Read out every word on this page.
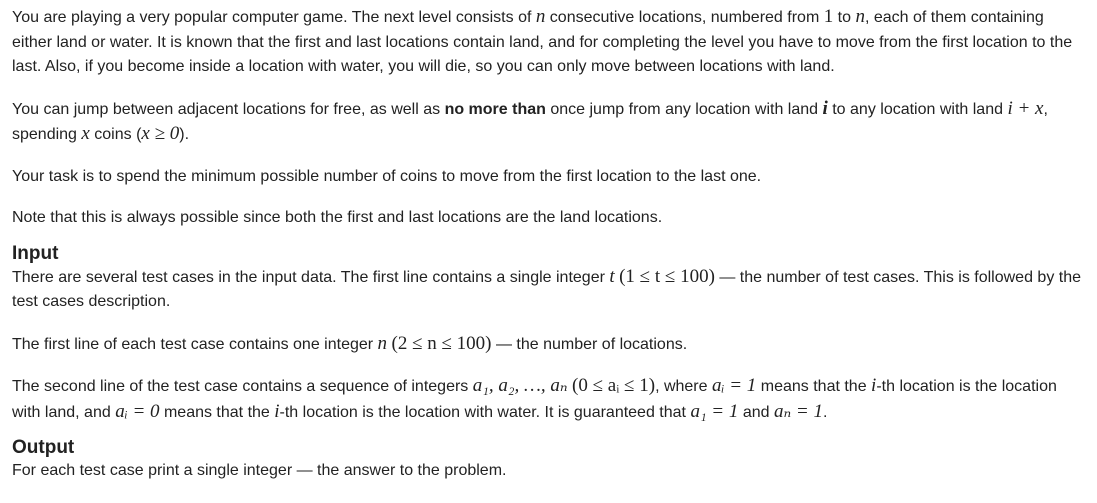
You are playing a very popular computer game. The next level consists of n consecutive locations, numbered from 1 to n, each of them containing either land or water. It is known that the first and last locations contain land, and for completing the level you have to move from the first location to the last. Also, if you become inside a location with water, you will die, so you can only move between locations with land.

You can jump between adjacent locations for free, as well as no more than once jump from any location with land i to any location with land i + x, spending x coins (x ≥ 0).

Your task is to spend the minimum possible number of coins to move from the first location to the last one.

Note that this is always possible since both the first and last locations are the land locations.

Input

There are several test cases in the input data. The first line contains a single integer t (1 ≤ t ≤ 100) — the number of test cases. This is followed by the test cases description.

The first line of each test case contains one integer n (2 ≤ n ≤ 100) — the number of locations.

The second line of the test case contains a sequence of integers a₁, a₂, …, aₙ (0 ≤ aᵢ ≤ 1), where aᵢ = 1 means that the i-th location is the location with land, and aᵢ = 0 means that the i-th location is the location with water. It is guaranteed that a₁ = 1 and aₙ = 1.

Output

For each test case print a single integer — the answer to the problem.
